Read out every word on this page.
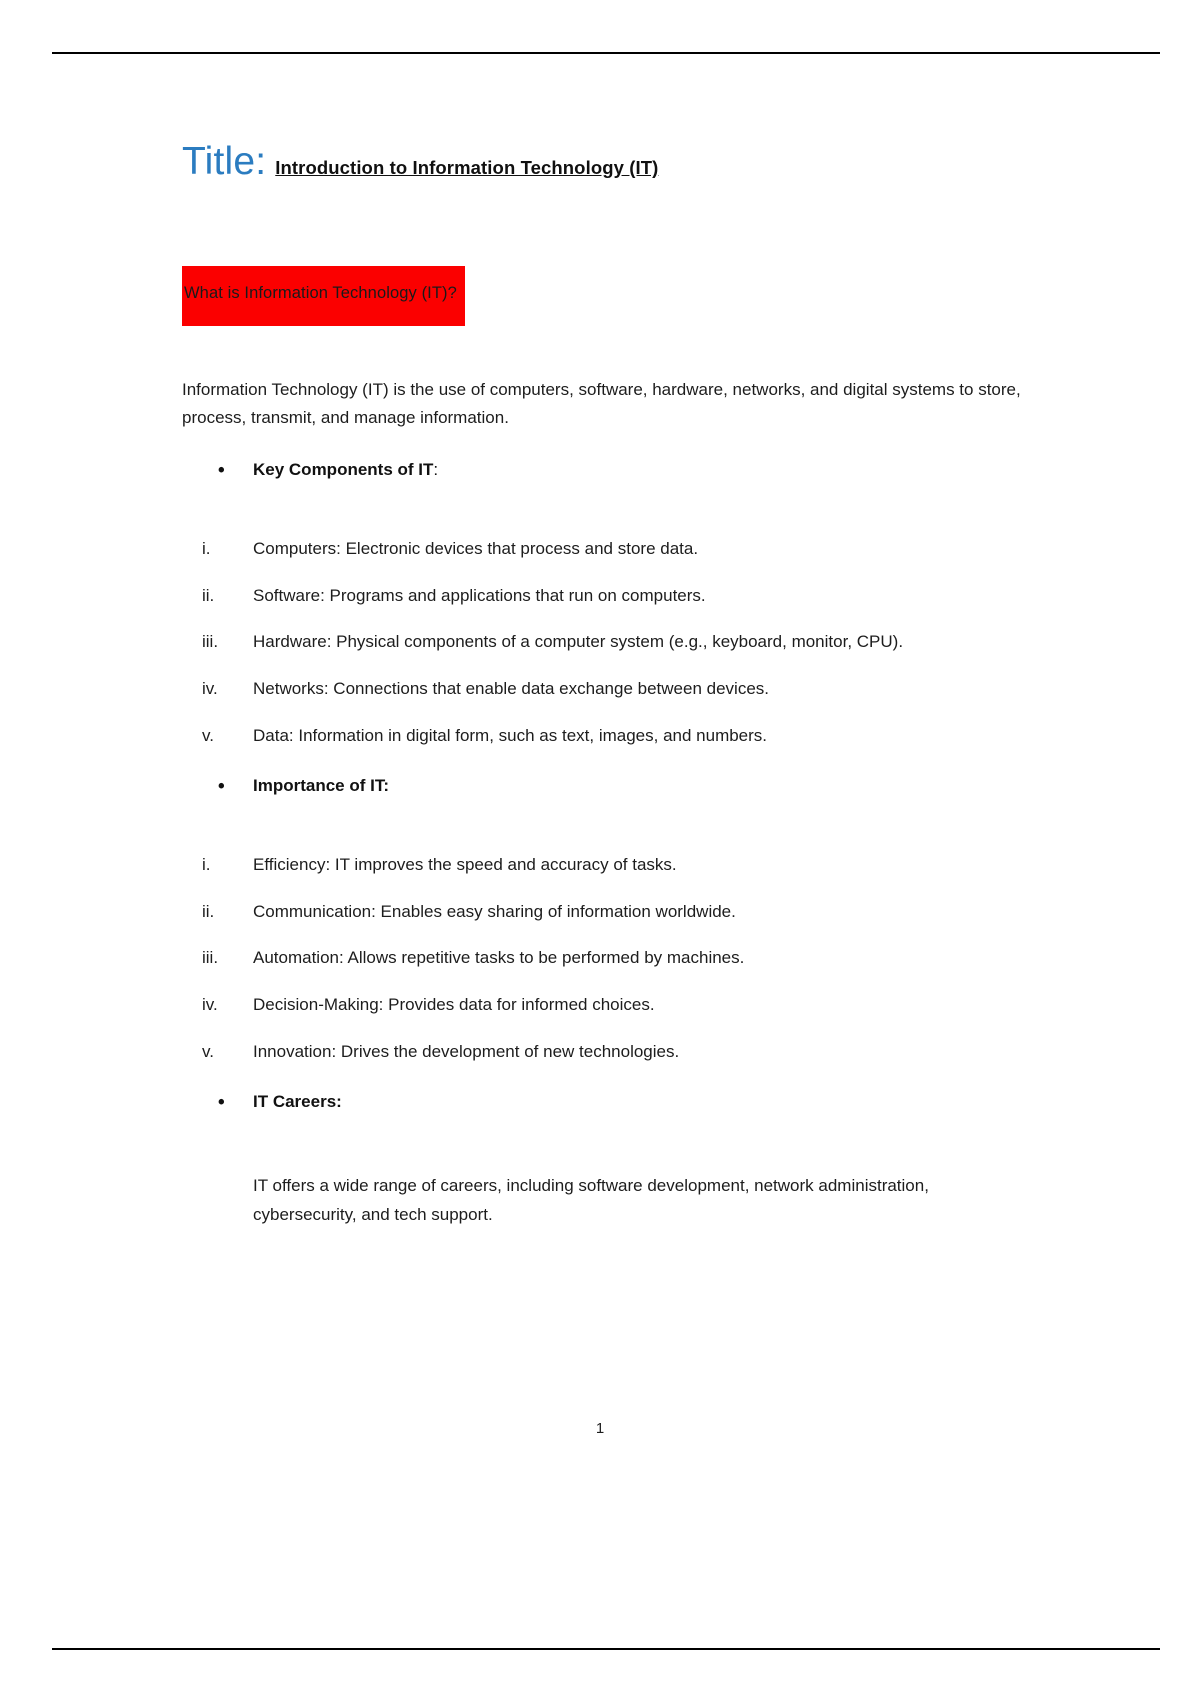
Title: Introduction to Information Technology (IT)
What is Information Technology (IT)?

Information Technology (IT) is the use of computers, software, hardware, networks, and digital systems to store, process, transmit, and manage information.

• Key Components of IT:
i.	Computers: Electronic devices that process and store data.
ii.	Software: Programs and applications that run on computers.
iii.	Hardware: Physical components of a computer system (e.g., keyboard, monitor, CPU).
iv.	Networks: Connections that enable data exchange between devices.
v.	Data: Information in digital form, such as text, images, and numbers.
• Importance of IT:
i.	Efficiency: IT improves the speed and accuracy of tasks.
ii.	Communication: Enables easy sharing of information worldwide.
iii.	Automation: Allows repetitive tasks to be performed by machines.
iv.	Decision-Making: Provides data for informed choices.
v.	Innovation: Drives the development of new technologies.
• IT Careers:

IT offers a wide range of careers, including software development, network administration, cybersecurity, and tech support.

1
